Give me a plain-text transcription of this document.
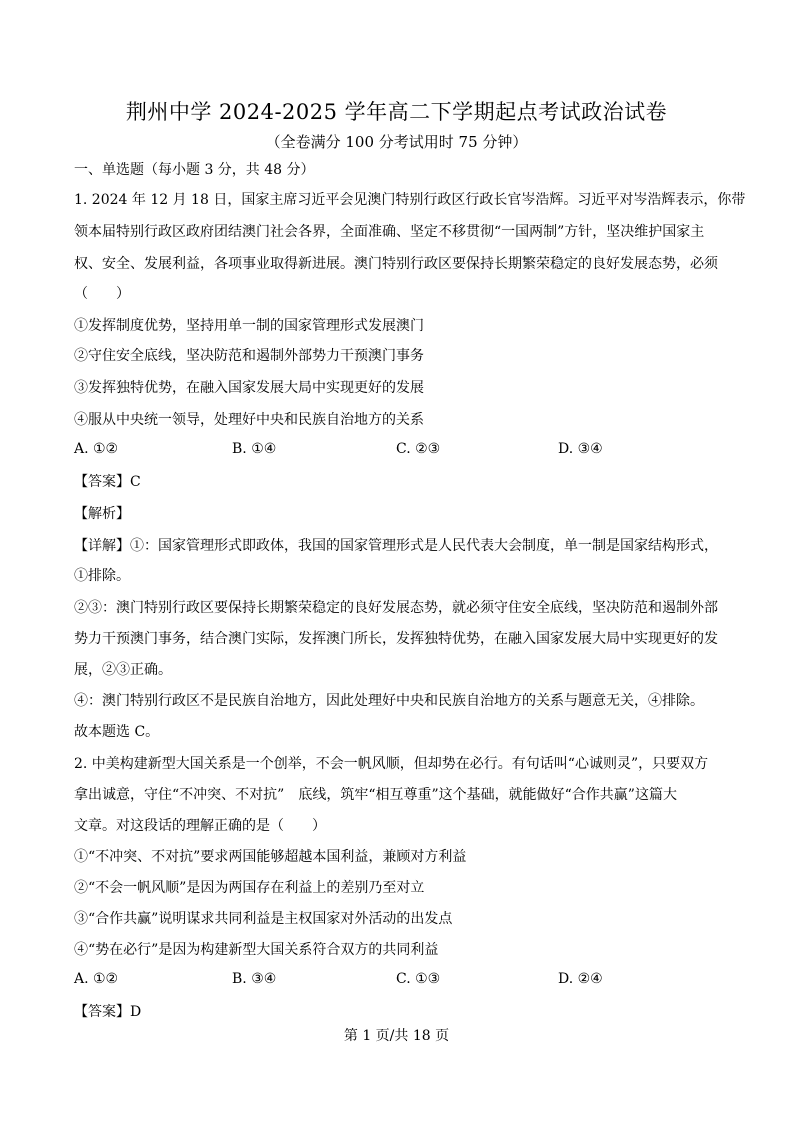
荆州中学 2024-2025 学年高二下学期起点考试政治试卷
（全卷满分 100 分考试用时 75 分钟）
一、单选题（每小题 3 分，共 48 分）
1. 2024 年 12 月 18 日，国家主席习近平会见澳门特别行政区行政长官岑浩辉。习近平对岑浩辉表示，你带
领本届特别行政区政府团结澳门社会各界，全面准确、坚定不移贯彻“一国两制”方针，坚决维护国家主
权、安全、发展利益，各项事业取得新进展。澳门特别行政区要保持长期繁荣稳定的良好发展态势，必须
（　　）
①发挥制度优势，坚持用单一制的国家管理形式发展澳门
②守住安全底线，坚决防范和遏制外部势力干预澳门事务
③发挥独特优势，在融入国家发展大局中实现更好的发展
④服从中央统一领导，处理好中央和民族自治地方的关系
A. ①②	B. ①④	C. ②③	D. ③④
【答案】C
【解析】
【详解】①：国家管理形式即政体，我国的国家管理形式是人民代表大会制度，单一制是国家结构形式，
①排除。
②③：澳门特别行政区要保持长期繁荣稳定的良好发展态势，就必须守住安全底线，坚决防范和遏制外部
势力干预澳门事务，结合澳门实际，发挥澳门所长，发挥独特优势，在融入国家发展大局中实现更好的发
展，②③正确。
④：澳门特别行政区不是民族自治地方，因此处理好中央和民族自治地方的关系与题意无关，④排除。
故本题选 C。
2. 中美构建新型大国关系是一个创举，不会一帆风顺，但却势在必行。有句话叫“心诚则灵”，只要双方
拿出诚意，守住“不冲突、不对抗”　底线，筑牢“相互尊重”这个基础，就能做好“合作共赢”这篇大
文章。对这段话的理解正确的是（　　）
①“不冲突、不对抗”要求两国能够超越本国利益，兼顾对方利益
②“不会一帆风顺”是因为两国存在利益上的差别乃至对立
③“合作共赢”说明谋求共同利益是主权国家对外活动的出发点
④“势在必行”是因为构建新型大国关系符合双方的共同利益
A. ①②	B. ③④	C. ①③	D. ②④
【答案】D
第 1 页/共 18 页
